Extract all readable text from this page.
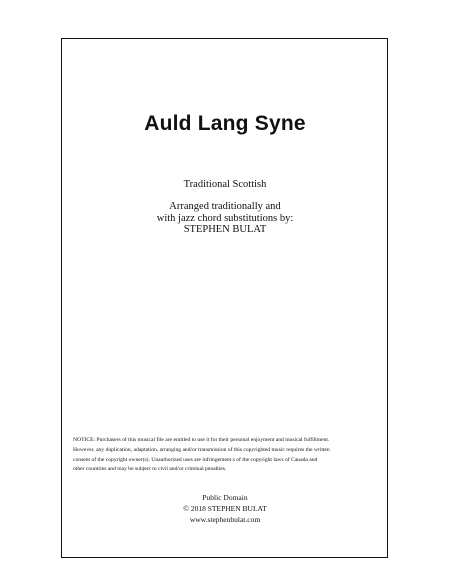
Auld Lang Syne
Traditional Scottish
Arranged traditionally and
with jazz chord substitutions by:
STEPHEN BULAT
NOTICE: Purchasers of this musical file are entitled to use it for their personal enjoyment and musical fulfillment.
However, any duplication, adaptation, arranging and/or transmission of this copyrighted music requires the written
consent of the copyright owner(s). Unauthorized uses are infringement s of the copyright laws of Canada and
other countries and may be subject to civil and/or criminal penalties.
Public Domain
© 2018 STEPHEN BULAT
www.stephenbulat.com
